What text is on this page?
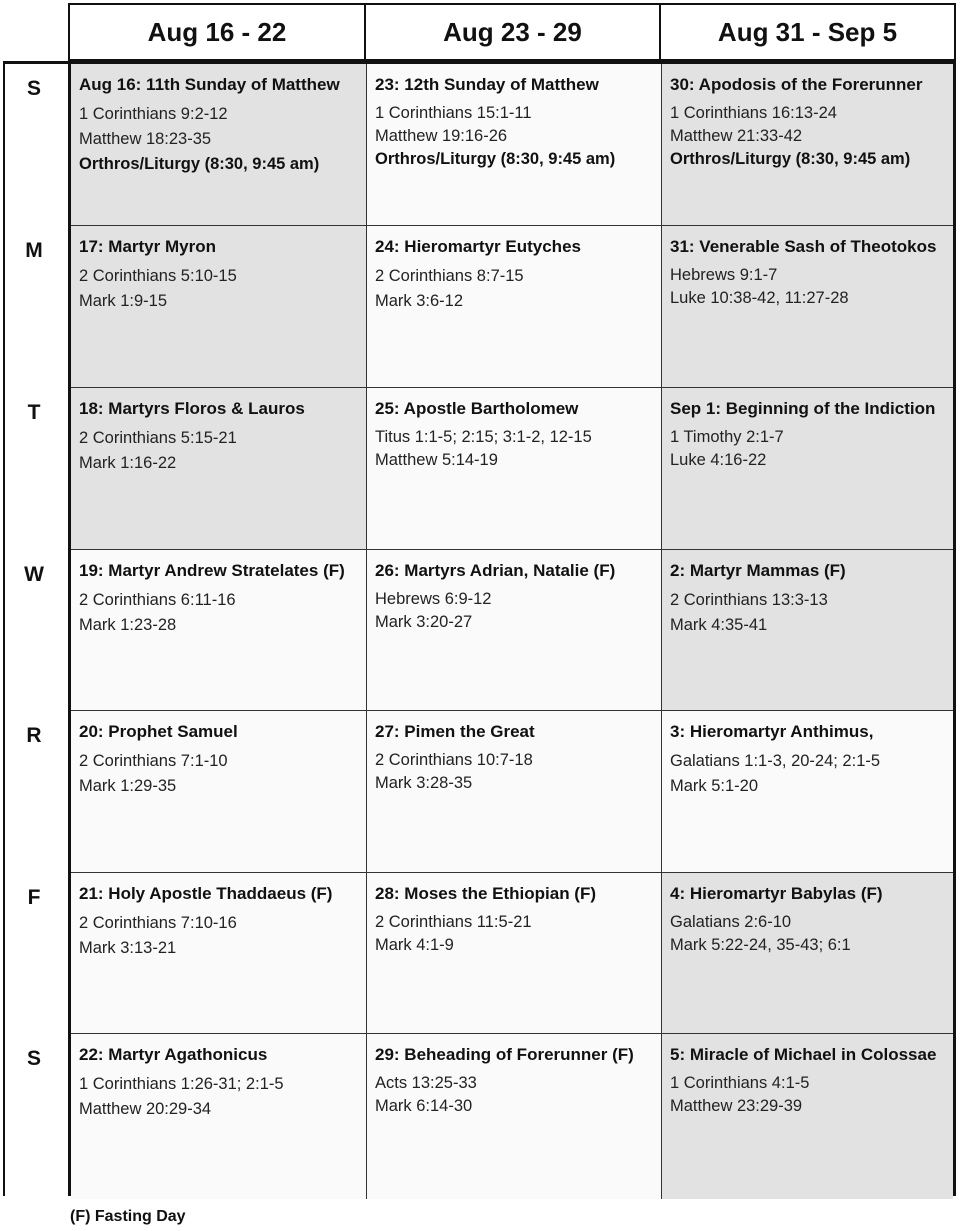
Aug 16 - 22	Aug 23 - 29	Aug 31 - Sep 5
S
M
T
W
R
F
S
Aug 16: 11th Sunday of Matthew
1 Corinthians 9:2-12
Matthew 18:23-35
Orthros/Liturgy (8:30, 9:45 am)
23: 12th Sunday of Matthew
1 Corinthians 15:1-11
Matthew 19:16-26
Orthros/Liturgy (8:30, 9:45 am)
30: Apodosis of the Forerunner
1 Corinthians 16:13-24
Matthew 21:33-42
Orthros/Liturgy (8:30, 9:45 am)
17: Martyr Myron
2 Corinthians 5:10-15
Mark 1:9-15
24: Hieromartyr Eutyches
2 Corinthians 8:7-15
Mark 3:6-12
31: Venerable Sash of Theotokos
Hebrews 9:1-7
Luke 10:38-42, 11:27-28
18: Martyrs Floros & Lauros
2 Corinthians 5:15-21
Mark 1:16-22
25: Apostle Bartholomew
Titus 1:1-5; 2:15; 3:1-2, 12-15
Matthew 5:14-19
Sep 1: Beginning of the Indiction
1 Timothy 2:1-7
Luke 4:16-22
19: Martyr Andrew Stratelates (F)
2 Corinthians 6:11-16
Mark 1:23-28
26: Martyrs Adrian, Natalie (F)
Hebrews 6:9-12
Mark 3:20-27
2: Martyr Mammas (F)
2 Corinthians 13:3-13
Mark 4:35-41
20: Prophet Samuel
2 Corinthians 7:1-10
Mark 1:29-35
27: Pimen the Great
2 Corinthians 10:7-18
Mark 3:28-35
3: Hieromartyr Anthimus,
Galatians 1:1-3, 20-24; 2:1-5
Mark 5:1-20
21: Holy Apostle Thaddaeus (F)
2 Corinthians 7:10-16
Mark 3:13-21
28: Moses the Ethiopian (F)
2 Corinthians 11:5-21
Mark 4:1-9
4: Hieromartyr Babylas (F)
Galatians 2:6-10
Mark 5:22-24, 35-43; 6:1
22: Martyr Agathonicus
1 Corinthians 1:26-31; 2:1-5
Matthew 20:29-34
29: Beheading of Forerunner (F)
Acts 13:25-33
Mark 6:14-30
5: Miracle of Michael in Colossae
1 Corinthians 4:1-5
Matthew 23:29-39
(F) Fasting Day
